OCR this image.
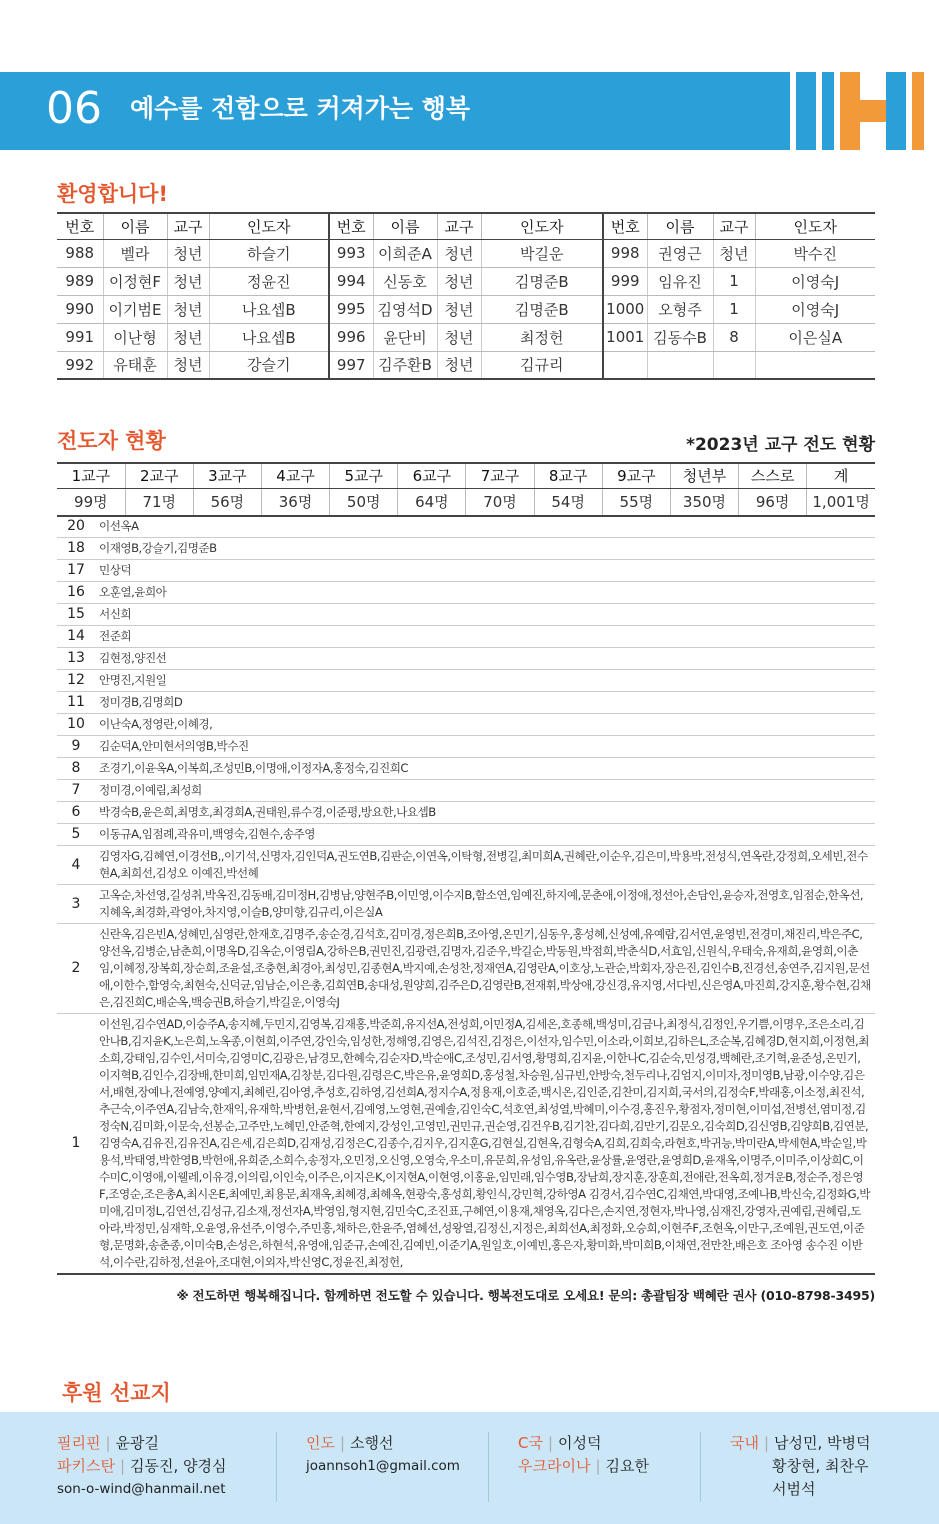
06 예수를 전함으로 커져가는 행복
환영합니다!
번호	이름	교구	인도자	번호	이름	교구	인도자	번호	이름	교구	인도자
988	벨라	청년	하슬기	993	이희준A	청년	박길운	998	권영근	청년	박수진
989	이정현F	청년	정윤진	994	신동호	청년	김명준B	999	임유진	1	이영숙J
990	이기범E	청년	나요셉B	995	김영석D	청년	김명준B	1000	오형주	1	이영숙J
991	이난형	청년	나요셉B	996	윤단비	청년	최정헌	1001	김동수B	8	이은실A
992	유태훈	청년	강슬기	997	김주환B	청년	김규리				
전도자 현황	*2023년 교구 전도 현황
1교구	2교구	3교구	4교구	5교구	6교구	7교구	8교구	9교구	청년부	스스로	계
99명	71명	56명	36명	50명	64명	70명	54명	55명	350명	96명	1,001명
20	이선옥A
18	이재영B,강슬기,김명준B
17	민상덕
16	오훈열,윤희아
15	서신희
14	전준희
13	김현정,양진선
12	안명진,지원일
11	정미경B,김명희D
10	이난숙A,정영란,이혜경,
9	김순덕A,안미현서의영B,박수진
8	조경기,이윤옥A,이복희,조성민B,이명애,이정자A,홍정숙,김진희C
7	정미경,이예림,최성희
6	박경숙B,윤은희,최명호,최경희A,권태원,류수경,이준평,방요한,나요셉B
5	이동규A,임점례,곽유미,백영숙,김현수,송주영
4	김영자G,김혜연,이경선B,,이기석,신명자,김인덕A,권도연B,김판순,이연옥,이탁형,전병길,최미희A,권혜란,이순우,김은미,박용박,전성식,연옥란,강정희,오세빈,전수현A,최희선,김성오 이예진,박선혜
3	고옥순,차선영,길성취,박옥진,김동배,김미정H,김병남,양현주B,이민영,이수지B,함소연,임예진,하지예,문춘애,이정애,정선아,손담인,윤승자,전영호,임점순,한옥선,지혜옥,최경화,곽영아,차지영,이슬B,양미향,김규리,이은실A
2	신란옥,김은빈A,성혜민,심영란,한재호,김명주,송순경,김석호,김미경,정은희B,조아영,온민기,심동우,홍성혜,신성예,유예람,김서연,윤영빈,전경미,채진리,박은주C,양선옥,김병순,남춘희,이명옥D,김옥순,이영림A,강하은B,권민진,김광련,김명자,김준우,박길순,박동원,박점희,박춘식D,서효임,신원식,우태숙,유재희,윤영희,이춘임,이혜정,장복희,장순희,조윤설,조충현,최경아,최성민,김종현A,박지예,손성찬,정재연A,김영란A,이호상,노관순,박회자,장은진,김인수B,진경선,송연주,김지원,문선애,이한수,함영숙,최현숙,신덕균,임남순,이은총,김희연B,송대성,원양희,김주은D,김영란B,전재휘,박상애,강신경,유지영,서다빈,신은영A,마진희,강지훈,황수현,김채은,김진희C,배순옥,백승권B,하슬기,박길운,이영숙J
1	이선원,김수연AD,이승주A,송지혜,두민지,김영복,김재홍,박준희,유지선A,전성희,이민정A,김세온,호종해,백성미,김금나,최정식,김정인,우기쁨,이명우,조은소리,김안나B,김지윤K,노은희,노옥종,이현희,이주연,강인숙,임성한,정해영,김영은,김석진,김정은,이선자,임수민,이소라,이희보,김하은L,조순복,김혜경D,현지희,이정현,최소희,강태임,김수인,서미숙,김영미C,김광은,남경모,한혜숙,김순자D,박순애C,조성민,김서영,황명희,김지윤,이한나C,김순숙,민성경,백혜란,조기혁,윤준성,온민기,이지혁B,김인수,김장배,한미희,임민재A,김창분,김다원,김령은C,박은유,윤영희D,홍성철,차승원,심규빈,안방숙,천두리나,김엄지,이미자,정미영B,남광,이수양,김은서,배현,장예나,전예영,양예지,최혜린,김아영,추성호,김하영,김선희A,정지수A,정용재,이호준,백시온,김인준,김찬미,김지희,국서의,김정숙F,박래홍,이소정,최진석,추근숙,이주연A,김남숙,한재익,유재학,박병헌,윤현서,김예영,노영현,권예솔,김인숙C,석호연,최성열,박혜미,이수경,홍진우,황점자,정미현,이미섭,전병선,염미정,김정숙N,김미화,이문숙,선봉순,고주만,노혜민,안준혁,한예지,강성인,고영민,권민규,권순영,김건우B,김기찬,김다희,김만기,김문오,김숙희D,김신영B,김양희B,김연분,김영숙A,김유진,김유진A,김은세,김은희D,김재성,김정은C,김종수,김지우,김지훈G,김현실,김현옥,김형숙A,김희,김희숙,라현호,박귀능,박미란A,박세현A,박순일,박용석,박태영,박한영B,박헌애,유희준,소희수,송정자,오민정,오신영,오영숙,우소미,유문희,유성임,유옥란,윤상률,윤영란,윤영희D,윤재옥,이명주,이미주,이상희C,이수미C,이영애,이웰레,이유경,이의림,이인숙,이주은,이지은K,이지현A,이현영,이홍윤,임민래,임수영B,장남희,장지훈,장훈희,전애란,전옥희,정겨운B,정순주,정은영F,조영순,조은총A,최시온E,최예민,최용문,최재옥,최혜경,최혜옥,현광숙,홍성희,황인식,강민혁,강하영A 김경서,김수연C,김채연,박대영,조예나B,박신숙,김정화G,박미애,김미정L,김연선,김성규,김소재,정선자A,박영임,형지현,김민숙C,조진표,구혜연,이용재,채영옥,김다은,손지연,정현자,박나영,심재진,강영자,권예림,권혜림,도아라,박정민,심재학,오윤영,유선주,이영수,주민홍,채하은,한윤주,염혜선,성왕열,김정신,지정은,최희선A,최정화,오승희,이현주F,조현옥,이만구,조예원,권도연,이준형,문명화,송춘종,이미숙B,손성은,하현석,유영애,임준규,손예진,김예빈,이준기A,원일호,이예빈,홍은자,황미화,박미희B,이채연,전만찬,배은호 조아영 송수진 이반석,이수란,김하정,선윤아,조대현,이외자,박신영C,정윤진,최정헌,
※ 전도하면 행복해집니다. 함께하면 전도할 수 있습니다. 행복전도대로 오세요! 문의: 총괄팀장 백혜란 권사 (010-8798-3495)
후원 선교지
필리핀 | 윤광길
파키스탄 | 김동진, 양경심
son-o-wind@hanmail.net
인도 | 소행선
joannsoh1@gmail.com
C국 | 이성덕
우크라이나 | 김요한
국내 | 남성민, 박병덕
황창현, 최찬우
서범석
